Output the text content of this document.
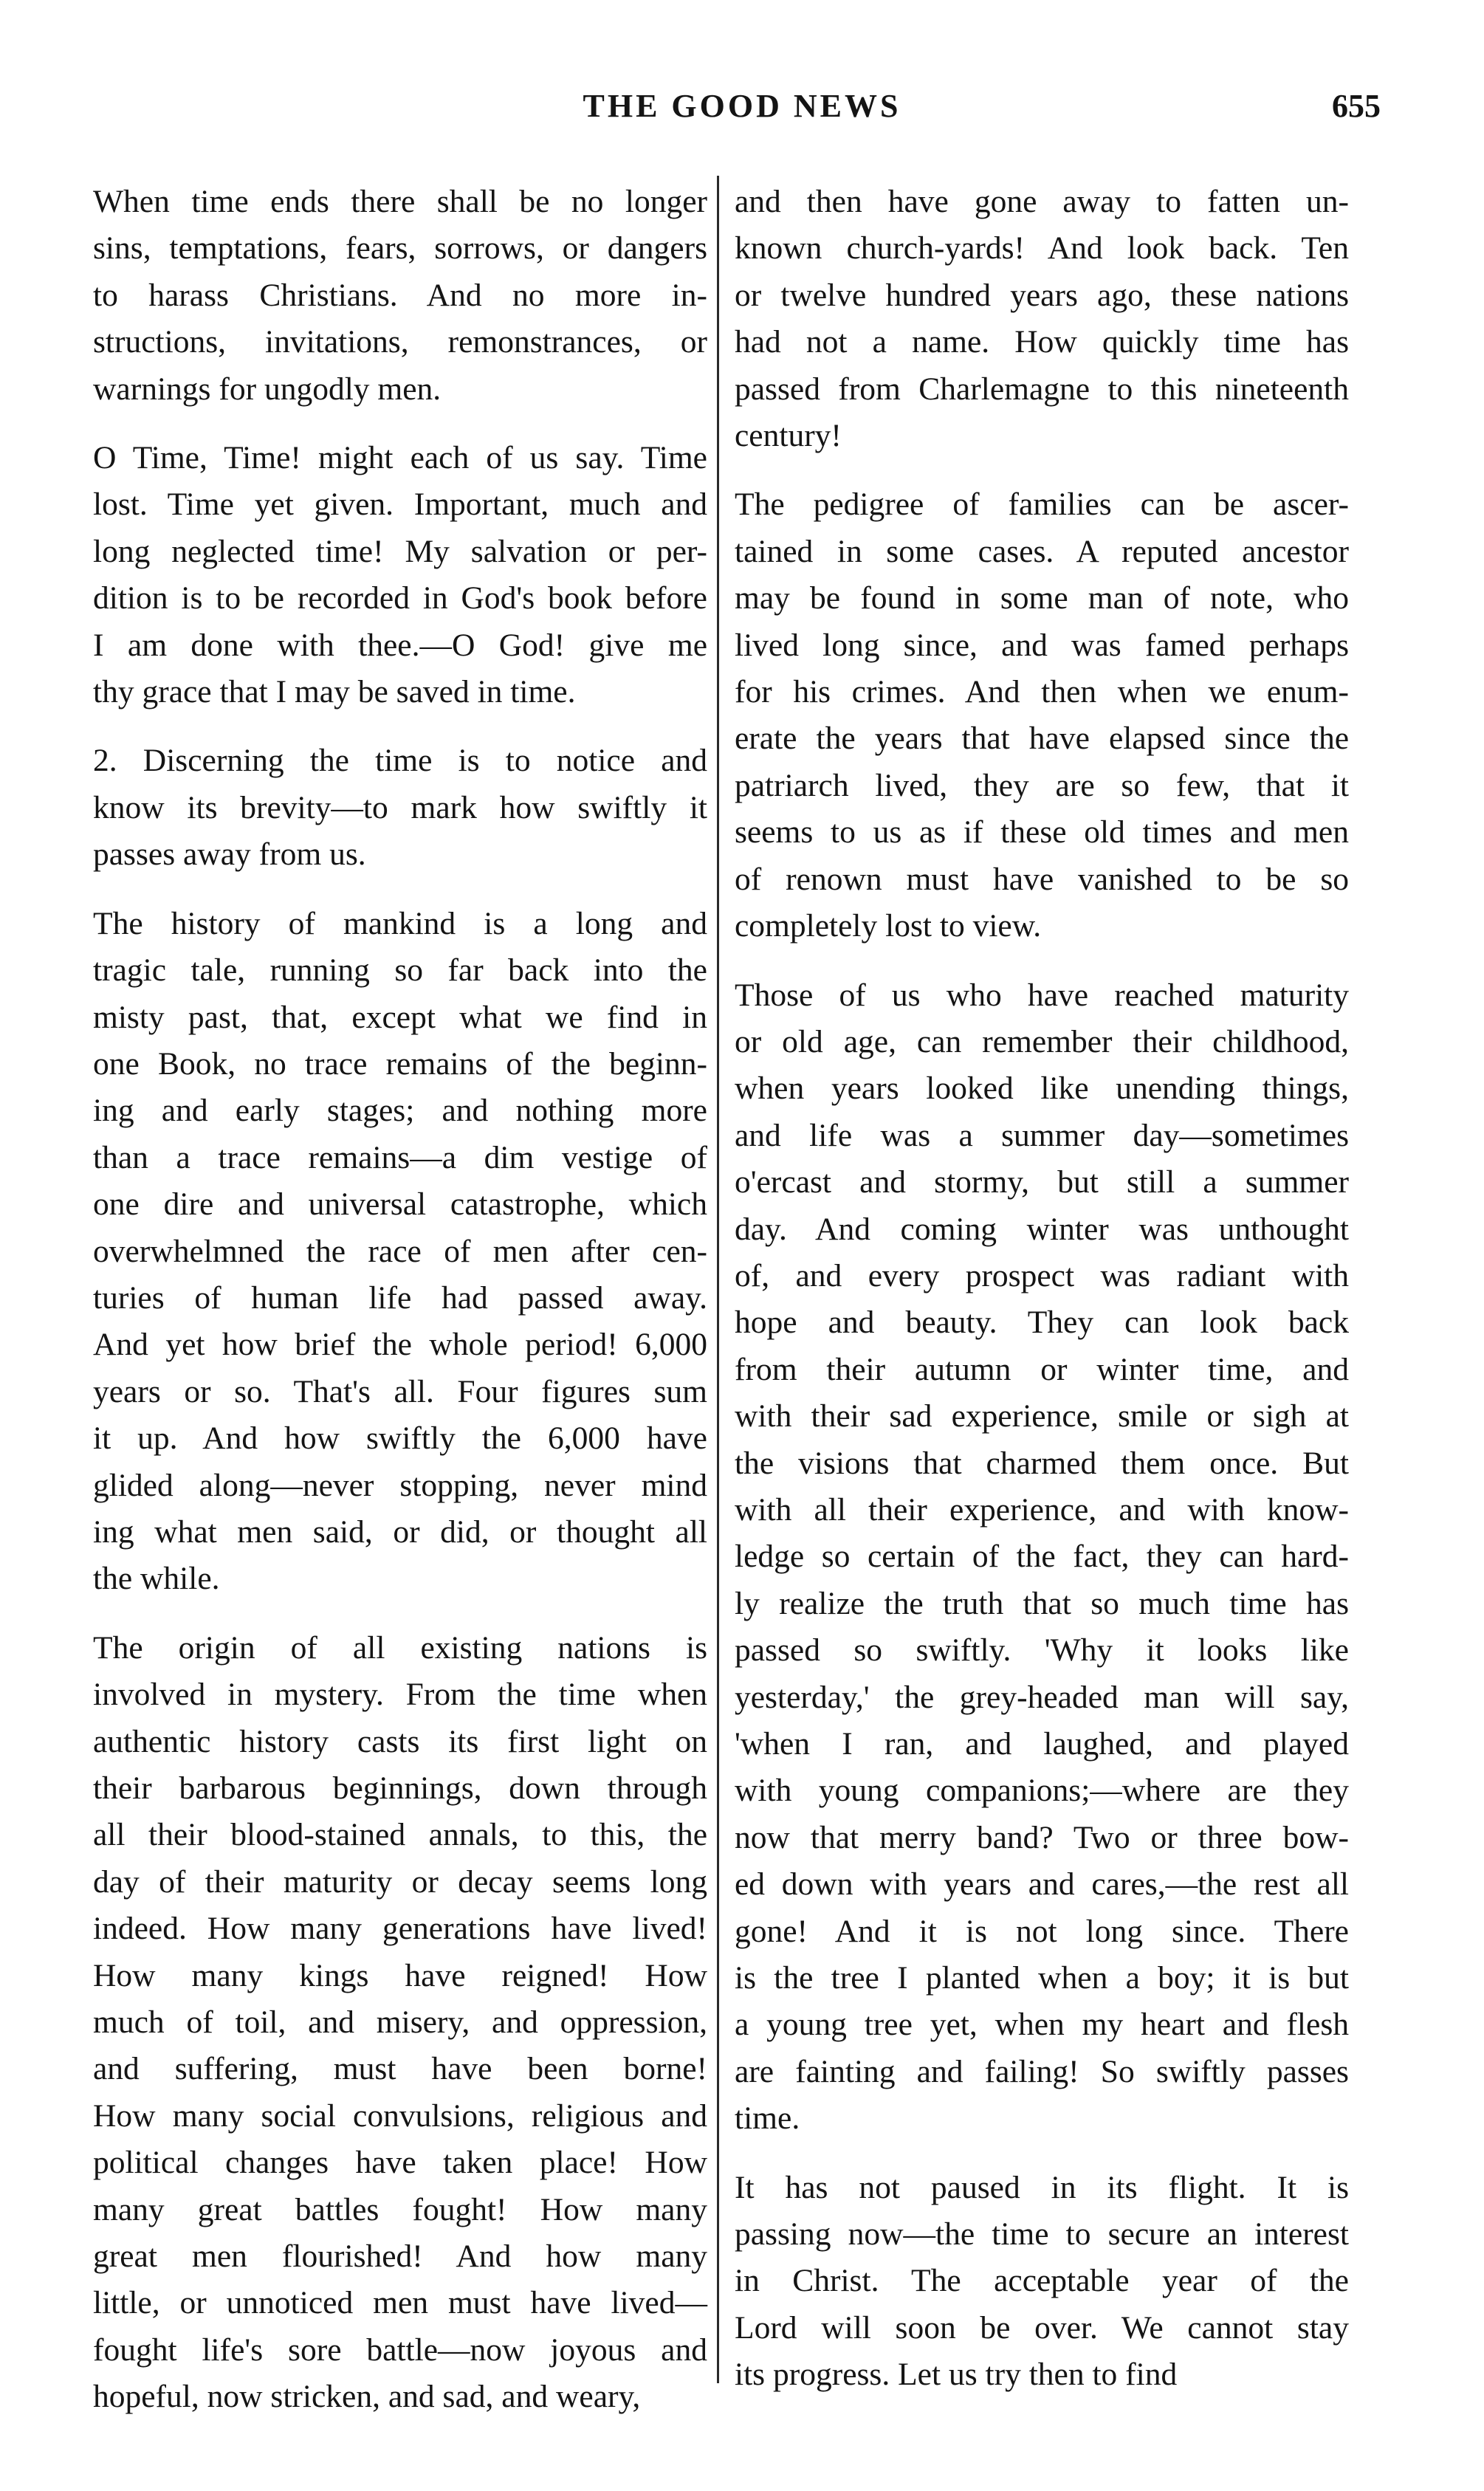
THE GOOD NEWS	655
When time ends there shall be no longer
sins, temptations, fears, sorrows, or dangers
to harass Christians. And no more in-
structions, invitations, remonstrances, or
warnings for ungodly men.
O Time, Time! might each of us say. Time
lost. Time yet given. Important, much and
long neglected time! My salvation or per-
dition is to be recorded in God's book before
I am done with thee.—O God! give me
thy grace that I may be saved in time.
2. Discerning the time is to notice and
know its brevity—to mark how swiftly it
passes away from us.
The history of mankind is a long and
tragic tale, running so far back into the
misty past, that, except what we find in
one Book, no trace remains of the beginn-
ing and early stages; and nothing more
than a trace remains—a dim vestige of
one dire and universal catastrophe, which
overwhelmned the race of men after cen-
turies of human life had passed away.
And yet how brief the whole period! 6,000
years or so. That's all. Four figures sum
it up. And how swiftly the 6,000 have
glided along—never stopping, never mind
ing what men said, or did, or thought all
the while.
The origin of all existing nations is
involved in mystery. From the time when
authentic history casts its first light on
their barbarous beginnings, down through
all their blood-stained annals, to this, the
day of their maturity or decay seems long
indeed. How many generations have lived!
How many kings have reigned! How
much of toil, and misery, and oppression,
and suffering, must have been borne!
How many social convulsions, religious and
political changes have taken place! How
many great battles fought! How many
great men flourished! And how many
little, or unnoticed men must have lived—
fought life's sore battle—now joyous and
hopeful, now stricken, and sad, and weary,
and then have gone away to fatten un-
known church-yards! And look back. Ten
or twelve hundred years ago, these nations
had not a name. How quickly time has
passed from Charlemagne to this nineteenth
century!
The pedigree of families can be ascer-
tained in some cases. A reputed ancestor
may be found in some man of note, who
lived long since, and was famed perhaps
for his crimes. And then when we enum-
erate the years that have elapsed since the
patriarch lived, they are so few, that it
seems to us as if these old times and men
of renown must have vanished to be so
completely lost to view.
Those of us who have reached maturity
or old age, can remember their childhood,
when years looked like unending things,
and life was a summer day—sometimes
o'ercast and stormy, but still a summer
day. And coming winter was unthought
of, and every prospect was radiant with
hope and beauty. They can look back
from their autumn or winter time, and
with their sad experience, smile or sigh at
the visions that charmed them once. But
with all their experience, and with know-
ledge so certain of the fact, they can hard-
ly realize the truth that so much time has
passed so swiftly. 'Why it looks like
yesterday,' the grey-headed man will say,
'when I ran, and laughed, and played
with young companions;—where are they
now that merry band? Two or three bow-
ed down with years and cares,—the rest all
gone! And it is not long since. There
is the tree I planted when a boy; it is but
a young tree yet, when my heart and flesh
are fainting and failing! So swiftly passes
time.
It has not paused in its flight. It is
passing now—the time to secure an interest
in Christ. The acceptable year of the
Lord will soon be over. We cannot stay
its progress. Let us try then to find
